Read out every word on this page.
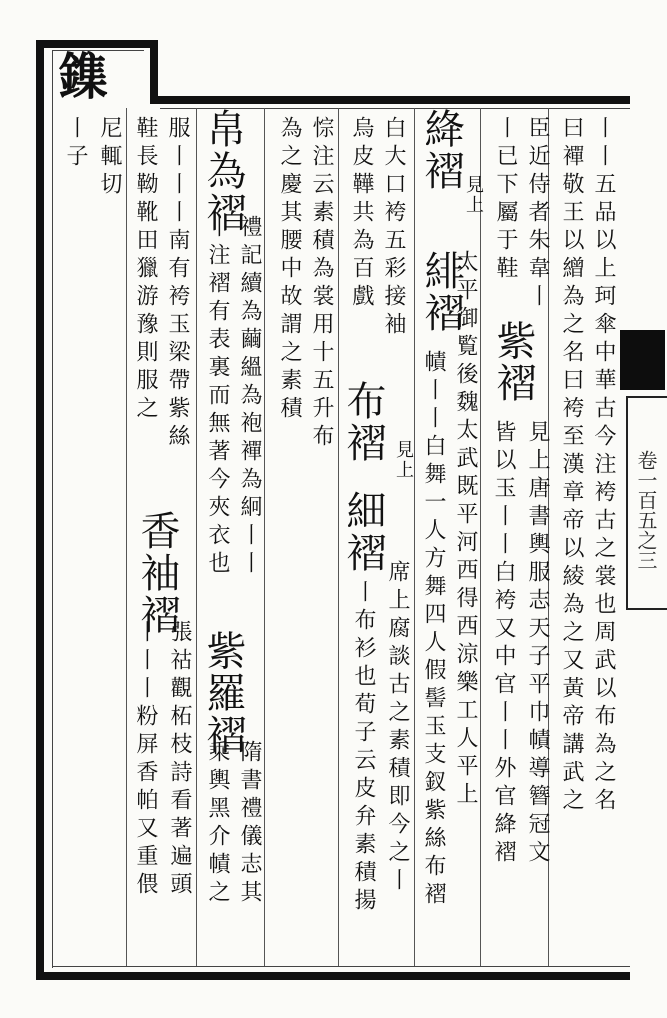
卷一百五之三
鏶
丨丨五品以上珂傘中華古今注袴古之裳也周武以布為之名
曰襌敬王以繒為之名曰袴至漢章帝以綾為之又黃帝講武之
臣近侍者朱韋丨
丨已下屬于鞋
紫褶
見上唐書輿服志天子平巾幘導簪冠文
皆以玉丨丨白袴又中官丨丨外官絳褶
絳褶
見上
緋褶
太平御覧後魏太武既平河西得西涼樂工人平上
幘丨丨白舞一人方舞四人假髻玉支釵紫絲布褶
白大口袴五彩接袖
烏皮鞾共為百戲
布褶 見上
細褶
席上腐談古之素積即今之丨
丨布衫也荀子云皮弁素積揚
悰注云素積為裳用十五升布
為之慶其腰中故謂之素積
帛為褶
禮記續為繭縕為袍襌為絅丨丨
丨注褶有表裏而無著今夾衣也
紫羅褶
隋書禮儀志其
乘輿黑介幘之
服丨丨丨南有袴玉梁帶紫絲
鞋長靿靴田獵游豫則服之
香袖褶
張祜觀柘枝詩看著遍頭
丨丨丨粉屏香帕又重偎
尼輒切
丨子
